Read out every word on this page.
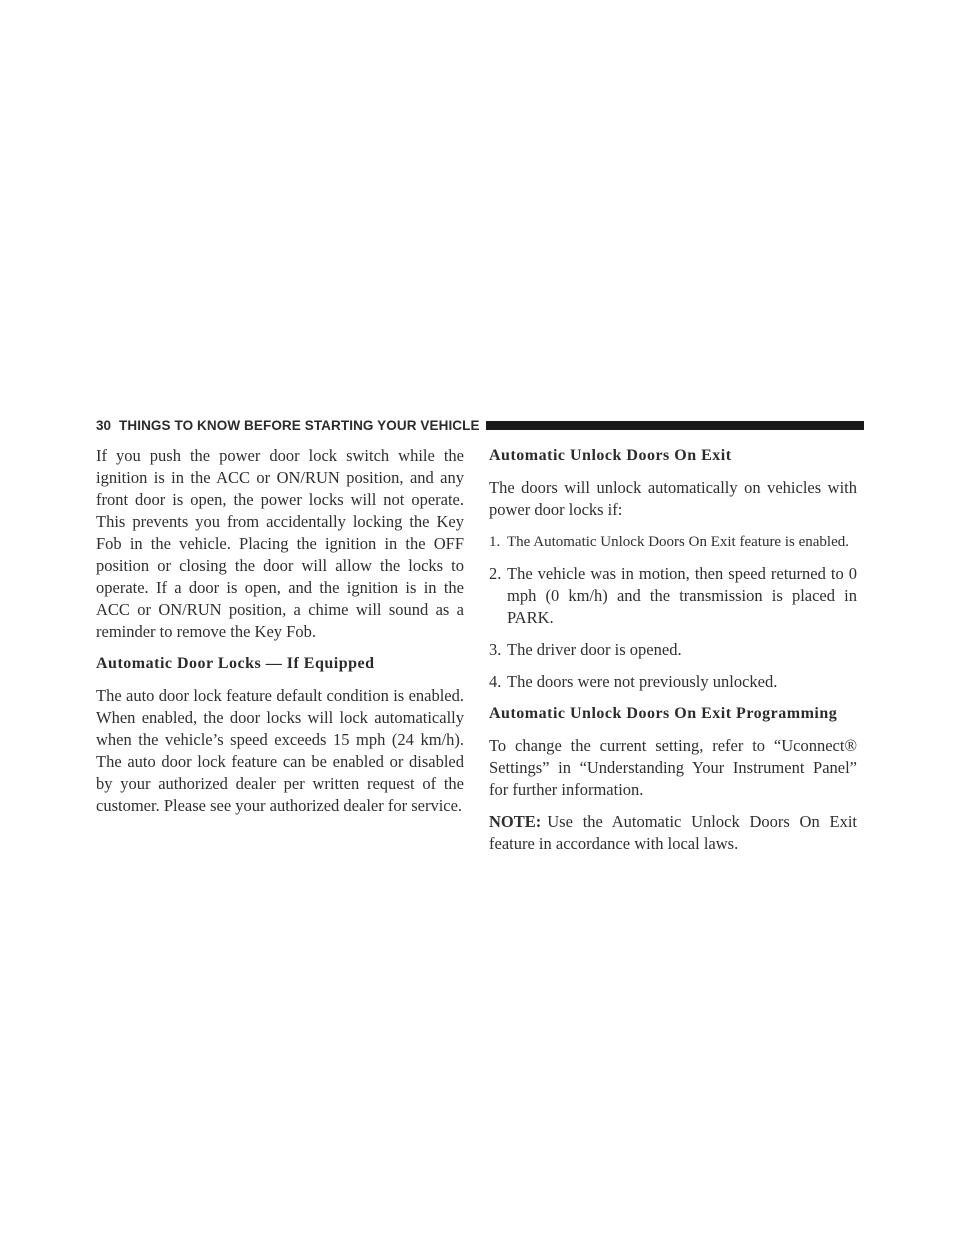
30 THINGS TO KNOW BEFORE STARTING YOUR VEHICLE

If you push the power door lock switch while the ignition is in the ACC or ON/RUN position, and any front door is open, the power locks will not operate. This prevents you from accidentally locking the Key Fob in the vehicle. Placing the ignition in the OFF position or closing the door will allow the locks to operate. If a door is open, and the ignition is in the ACC or ON/RUN position, a chime will sound as a reminder to remove the Key Fob.

Automatic Door Locks — If Equipped

The auto door lock feature default condition is enabled. When enabled, the door locks will lock automatically when the vehicle’s speed exceeds 15 mph (24 km/h). The auto door lock feature can be enabled or disabled by your authorized dealer per written request of the customer. Please see your authorized dealer for service.

Automatic Unlock Doors On Exit

The doors will unlock automatically on vehicles with power door locks if:

1. The Automatic Unlock Doors On Exit feature is enabled.
2. The vehicle was in motion, then speed returned to 0 mph (0 km/h) and the transmission is placed in PARK.
3. The driver door is opened.
4. The doors were not previously unlocked.
Automatic Unlock Doors On Exit Programming

To change the current setting, refer to “Uconnect® Settings” in “Understanding Your Instrument Panel” for further information.

NOTE: Use the Automatic Unlock Doors On Exit feature in accordance with local laws.
